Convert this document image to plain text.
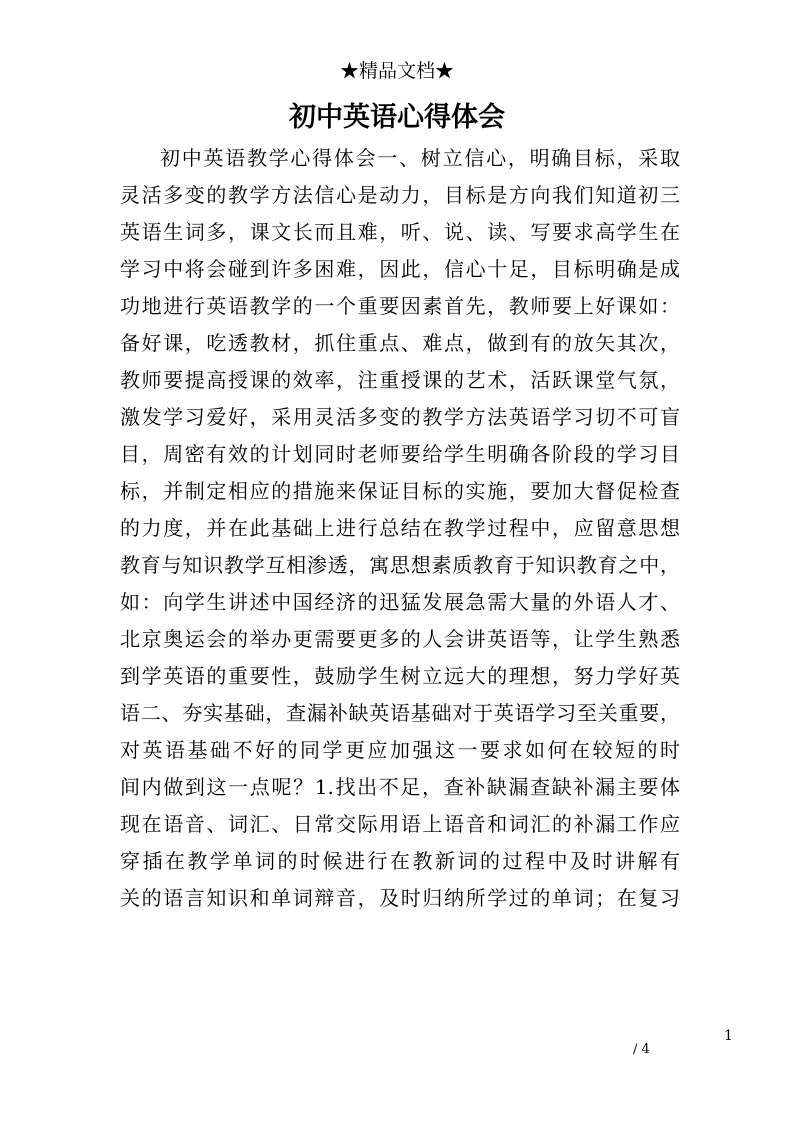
★精品文档★
初中英语心得体会
初中英语教学心得体会一、树立信心，明确目标，采取
灵活多变的教学方法信心是动力，目标是方向我们知道初三
英语生词多，课文长而且难，听、说、读、写要求高学生在
学习中将会碰到许多困难，因此，信心十足，目标明确是成
功地进行英语教学的一个重要因素首先，教师要上好课如：
备好课，吃透教材，抓住重点、难点，做到有的放矢其次，
教师要提高授课的效率，注重授课的艺术，活跃课堂气氛，
激发学习爱好，采用灵活多变的教学方法英语学习切不可盲
目，周密有效的计划同时老师要给学生明确各阶段的学习目
标，并制定相应的措施来保证目标的实施，要加大督促检查
的力度，并在此基础上进行总结在教学过程中，应留意思想
教育与知识教学互相渗透，寓思想素质教育于知识教育之中，
如：向学生讲述中国经济的迅猛发展急需大量的外语人才、
北京奥运会的举办更需要更多的人会讲英语等，让学生熟悉
到学英语的重要性，鼓励学生树立远大的理想，努力学好英
语二、夯实基础，查漏补缺英语基础对于英语学习至关重要，
对英语基础不好的同学更应加强这一要求如何在较短的时
间内做到这一点呢？1.找出不足，查补缺漏查缺补漏主要体
现在语音、词汇、日常交际用语上语音和词汇的补漏工作应
穿插在教学单词的时候进行在教新词的过程中及时讲解有
关的语言知识和单词辩音，及时归纳所学过的单词；在复习
1
/ 4
